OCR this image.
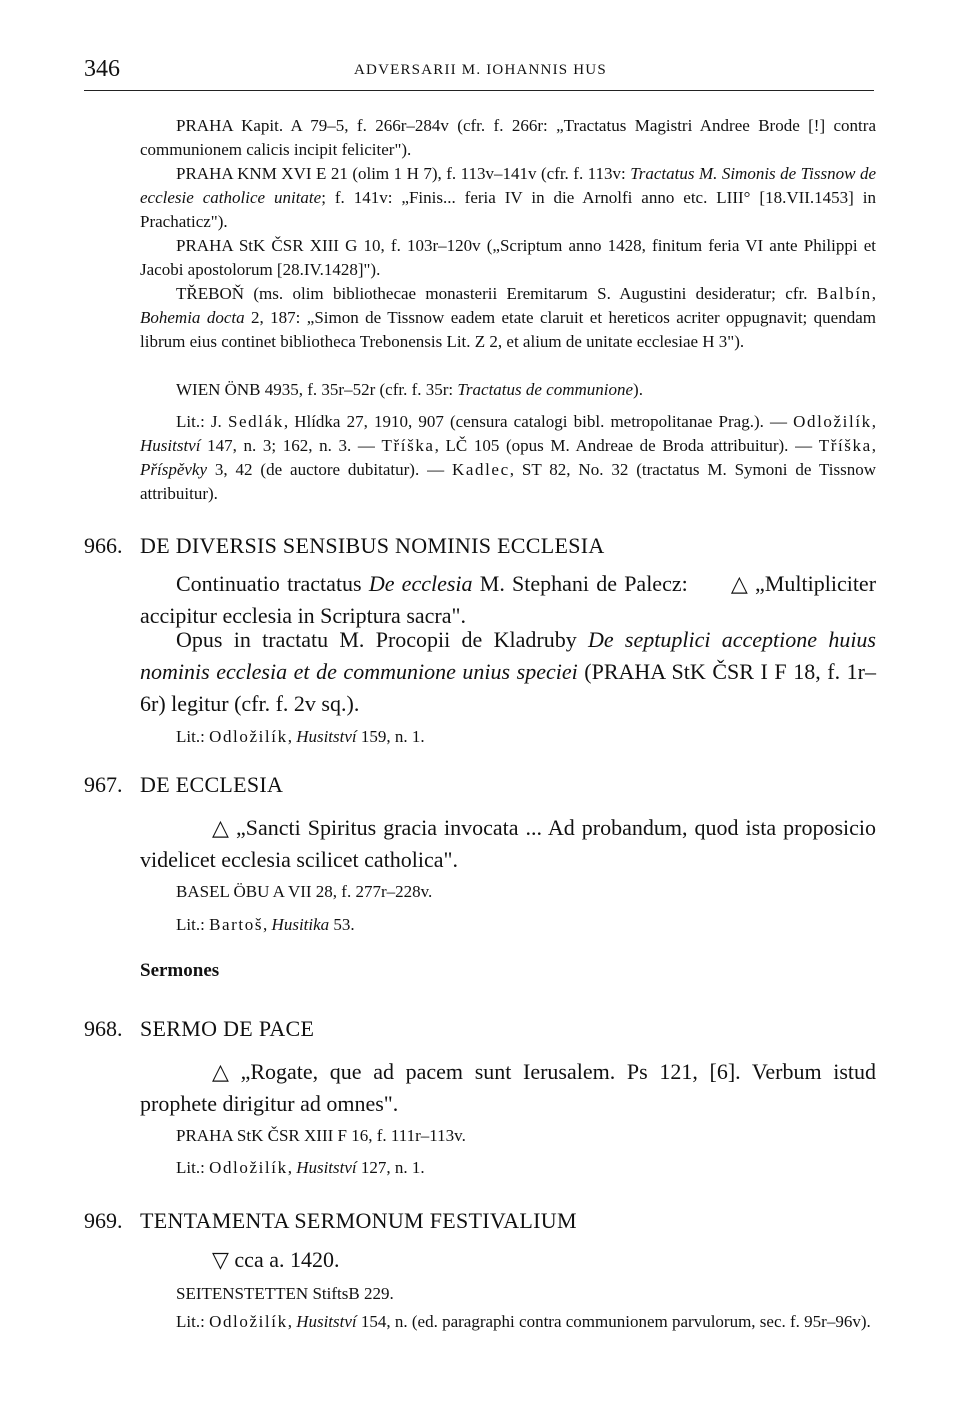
346	ADVERSARII M. IOHANNIS HUS

PRAHA Kapit. A 79–5, f. 266r–284v (cfr. f. 266r: „Tractatus Magistri Andree Brode [!] contra communionem calicis incipit feliciter").

PRAHA KNM XVI E 21 (olim 1 H 7), f. 113v–141v (cfr. f. 113v: Tractatus M. Simonis de Tissnow de ecclesie catholice unitate; f. 141v: „Finis... feria IV in die Arnolfi anno etc. LIII° [18.VII.1453] in Prachaticz").

PRAHA StK ČSR XIII G 10, f. 103r–120v („Scriptum anno 1428, finitum feria VI ante Philippi et Jacobi apostolorum [28.IV.1428]").

TŘEBOŇ (ms. olim bibliothecae monasterii Eremitarum S. Augustini desideratur; cfr. Balbín, Bohemia docta 2, 187: „Simon de Tissnow eadem etate claruit et hereticos acriter oppugnavit; quendam librum eius continet bibliotheca Trebonensis Lit. Z 2, et alium de unitate ecclesiae H 3").

WIEN ÖNB 4935, f. 35r–52r (cfr. f. 35r: Tractatus de communione).

Lit.: J. Sedlák, Hlídka 27, 1910, 907 (censura catalogi bibl. metropolitanae Prag.). — Odložilík, Husitství 147, n. 3; 162, n. 3. — Tříška, LČ 105 (opus M. Andreae de Broda attribuitur). — Tříška, Příspěvky 3, 42 (de auctore dubitatur). — Kadlec, ST 82, No. 32 (tractatus M. Symoni de Tissnow attribuitur).

966. DE DIVERSIS SENSIBUS NOMINIS ECCLESIA

Continuatio tractatus De ecclesia M. Stephani de Palecz: △ „Multipliciter accipitur ecclesia in Scriptura sacra".

Opus in tractatu M. Procopii de Kladruby De septuplici acceptione huius nominis ecclesia et de communione unius speciei (PRAHA StK ČSR I F 18, f. 1r–6r) legitur (cfr. f. 2v sq.).

Lit.: Odložilík, Husitství 159, n. 1.

967. DE ECCLESIA

△ „Sancti Spiritus gracia invocata ... Ad probandum, quod ista proposicio videlicet ecclesia scilicet catholica".

BASEL ÖBU A VII 28, f. 277r–228v.

Lit.: Bartoš, Husitika 53.

Sermones
968. SERMO DE PACE

△ „Rogate, que ad pacem sunt Ierusalem. Ps 121, [6]. Verbum istud prophete dirigitur ad omnes".

PRAHA StK ČSR XIII F 16, f. 111r–113v.

Lit.: Odložilík, Husitství 127, n. 1.

969. TENTAMENTA SERMONUM FESTIVALIUM

▽ cca a. 1420.

SEITENSTETTEN StiftsB 229.

Lit.: Odložilík, Husitství 154, n. (ed. paragraphi contra communionem parvulorum, sec. f. 95r–96v).
